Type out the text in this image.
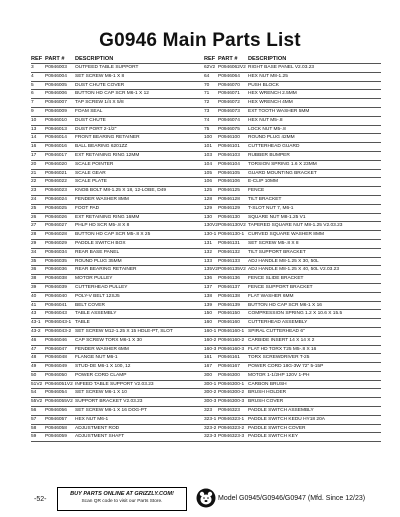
G0946 Main Parts List
REF PART #	DESCRIPTION
3	P0946003	OUTFEED TABLE SUPPORT
4	P0946004	SET SCREW M6-1 X 8
5	P0946005	DUST CHUTE COVER
6	P0946006	BUTTON HD CAP SCR M6-1 X 12
7	P0946007	TAP SCREW 1/4 X 5/8
9	P0946009	FOAM SEAL
10	P0946010	DUST CHUTE
13	P0946013	DUST PORT 2-1/2"
14	P0946014	FRONT BEARING RETAINER
16	P0946016	BALL BEARING 6201ZZ
17	P0946017	EXT RETAINING RING 12MM
20	P0946020	SCALE POINTER
21	P0946021	SCALE GEAR
22	P0946022	SCALE PLATE
23	P0946023	KNOB BOLT M8-1.25 X 18, 12-LOBE, D49
24	P0946024	FENDER WASHER 8MM
25	P0946025	FOOT PAD
26	P0946026	EXT RETAINING RING 16MM
27	P0946027	PHLP HD SCR M5-.8 X 8
28	P0946028	BUTTON HD CAP SCR M5-.8 X 25
29	P0946029	PADDLE SWITCH BOX
34	P0946034	REAR BASE PANEL
35	P0946035	ROUND PLUG 35MM
36	P0946036	REAR BEARING RETAINER
38	P0946038	MOTOR PULLEY
39	P0946039	CUTTERHEAD PULLEY
40	P0946040	POLY-V BELT 12SJ5
41	P0946041	BELT COVER
43	P0946043	TABLE ASSEMBLY
43-1 P0946043-1 TABLE
43-2 P0946043-2 SET SCREW M12-1.25 X 15 HDLE-PT, SLOT
46	P0946046	CAP SCREW TORX M6-1 X 30
47	P0946047	FENDER WASHER 6MM
48	P0946048	FLANGE NUT M6-1
49	P0946049	STUD-DE M6-1 X 100, 12
50	P0946050	POWER CORD CLAMP
51V2 P0946051V2 INFEED TABLE SUPPORT V2.03.23
54	P0946054	SET SCREW M6-1 X 10
55V2 P0946055V2 SUPPORT BRACKET V2.03.23
56	P0946056	SET SCREW M6-1 X 16 DOG-PT
57	P0946057	HEX NUT M6-1
58	P0946058	ADJUSTMENT ROD
59	P0946059	ADJUSTMENT SHAFT
REF PART #	DESCRIPTION
62V2 P0946062V2 RIGHT BASE PANEL V2.03.23
64	P0946064	HEX NUT M8-1.25
70	P0946070	PUSH BLOCK
71	P0946071	HEX WRENCH 2.5MM
72	P0946072	HEX WRENCH 4MM
73	P0946073	EXT TOOTH WASHER 5MM
74	P0946074	HEX NUT M5-.8
75	P0946075	LOCK NUT M5-.8
100	P0946100	ROUND PLUG 42MM
101	P0946101	CUTTERHEAD GUARD
103	P0946103	RUBBER BUMPER
104	P0946104	TORSION SPRING 1.6 X 23MM
105	P0946105	GUARD MOUNTING BRACKET
106	P0946106	E-CLIP 10MM
125	P0946125	FENCE
128	P0946128	TILT BRACKET
129	P0946129	T-SLOT NUT 7, M6-1
130	P0946130	SQUARE NUT M8-1.25 V1
130V2 P0946130V2 TAPERED SQUARE NUT M8-1.25 V2.03.23
130-1 P0946130-1 CURVED SQUARE WASHER 8MM
131	P0946131	SET SCREW M5-.8 X 8
132	P0946132	TILT SUPPORT BRACKET
133	P0946133	ADJ HANDLE M8-1.25 X 30, 50L
135V2 P0946135V2 ADJ HANDLE M8-1.25 X 40, 50L V2.03.23
136	P0946136	FENCE SLIDE BRACKET
137	P0946137	FENCE SUPPORT BRACKET
138	P0946138	FLAT WASHER 6MM
139	P0946139	BUTTON HD CAP SCR M6-1 X 16
150	P0946150	COMPRESSION SPRING 1.2 X 10.6 X 15.5
160	P0946160	CUTTERHEAD ASSEMBLY
160-1 P0946160-1 SPIRAL CUTTERHEAD 6"
160-2 P0946160-2 CARBIDE INSERT 14 X 14 X 2
160-3 P0946160-3 FLAT HD TORX T25 M5-.8 X 16
161	P0946161	TORX SCREWDRIVER T-25
167	P0946167	POWER CORD 18G-3W 72" 5-15P
300	P0946300	MOTOR 1-1/2HP 120V 1-PH
300-1 P0946300-1 CARBON BRUSH
300-2 P0946300-2 BRUSH HOLDER
300-3 P0946300-3 BRUSH COVER
323	P0946323	PADDLE SWITCH ASSEMBLY
323-1 P0946323-1 PADDLE SWITCH KEDU HY18 20A
323-2 P0946323-2 PADDLE SWITCH COVER
323-3 P0946323-3 PADDLE SWITCH KEY
-52-
BUY PARTS ONLINE AT GRIZZLY.COM!
Scan QR code to visit our Parts Store.	Model G0945/G0946/G0947 (Mfd. Since 12/23)
